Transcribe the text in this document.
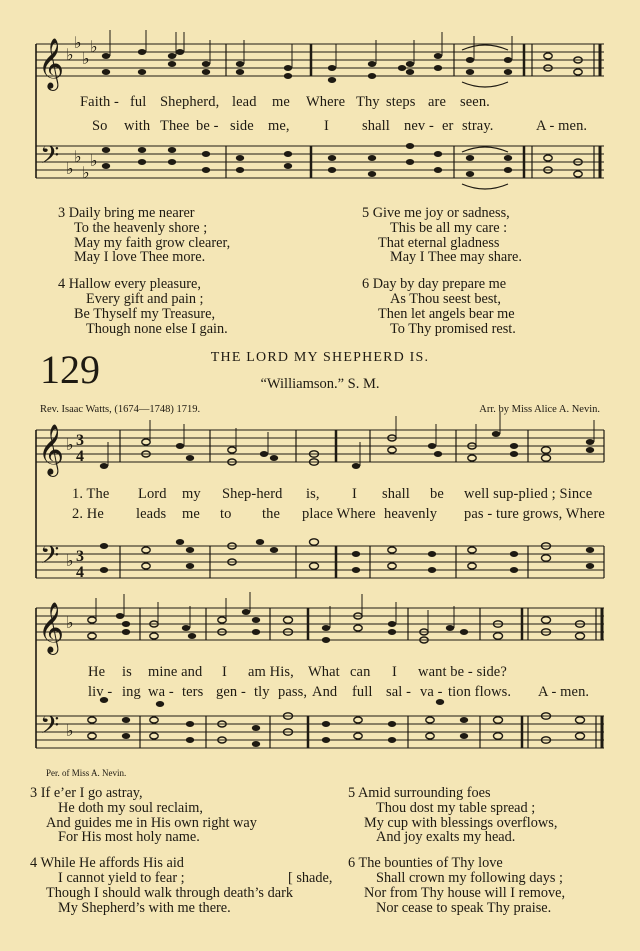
𝄞
𝄢
♭
♭
♭
♭
♭
♭
♭
♭
Faith - ful Shepherd, lead me Where Thy steps are seen.
So with Thee be - side me, I shall nev - er stray.	A - men.
3 Daily bring me nearer
To the heavenly shore ;
May my faith grow clearer,
May I love Thee more.
4 Hallow every pleasure,
Every gift and pain ;
Be Thyself my Treasure,
Though none else I gain.
5 Give me joy or sadness,
This be all my care :
That eternal gladness
May I Thee may share.
6 Day by day prepare me
As Thou seest best,
Then let angels bear me
To Thy promised rest.
129	THE LORD MY SHEPHERD IS.
“Williamson.” S. M.
Rev. Isaac Watts, (1674—1748) 1719.	Arr. by Miss Alice A. Nevin.
𝄞
𝄢
♭
♭
3
4
3
4
1. The Lord my Shep-herd is, I shall be well sup-plied ; Since
2. He leads me to the place Where heavenly pas - ture grows, Where
𝄞
𝄢
♭
♭
He is mine and I am His, What can I want be - side?
liv - ing wa - ters gen - tly pass, And full sal - va - tion flows. A - men.
Per. of Miss A. Nevin.
3 If e’er I go astray,
He doth my soul reclaim,
And guides me in His own right way
For His most holy name.
4 While He affords His aid
I cannot yield to fear ;	[ shade,
Though I should walk through death’s dark
My Shepherd’s with me there.
5 Amid surrounding foes
Thou dost my table spread ;
My cup with blessings overflows,
And joy exalts my head.
6 The bounties of Thy love
Shall crown my following days ;
Nor from Thy house will I remove,
Nor cease to speak Thy praise.
